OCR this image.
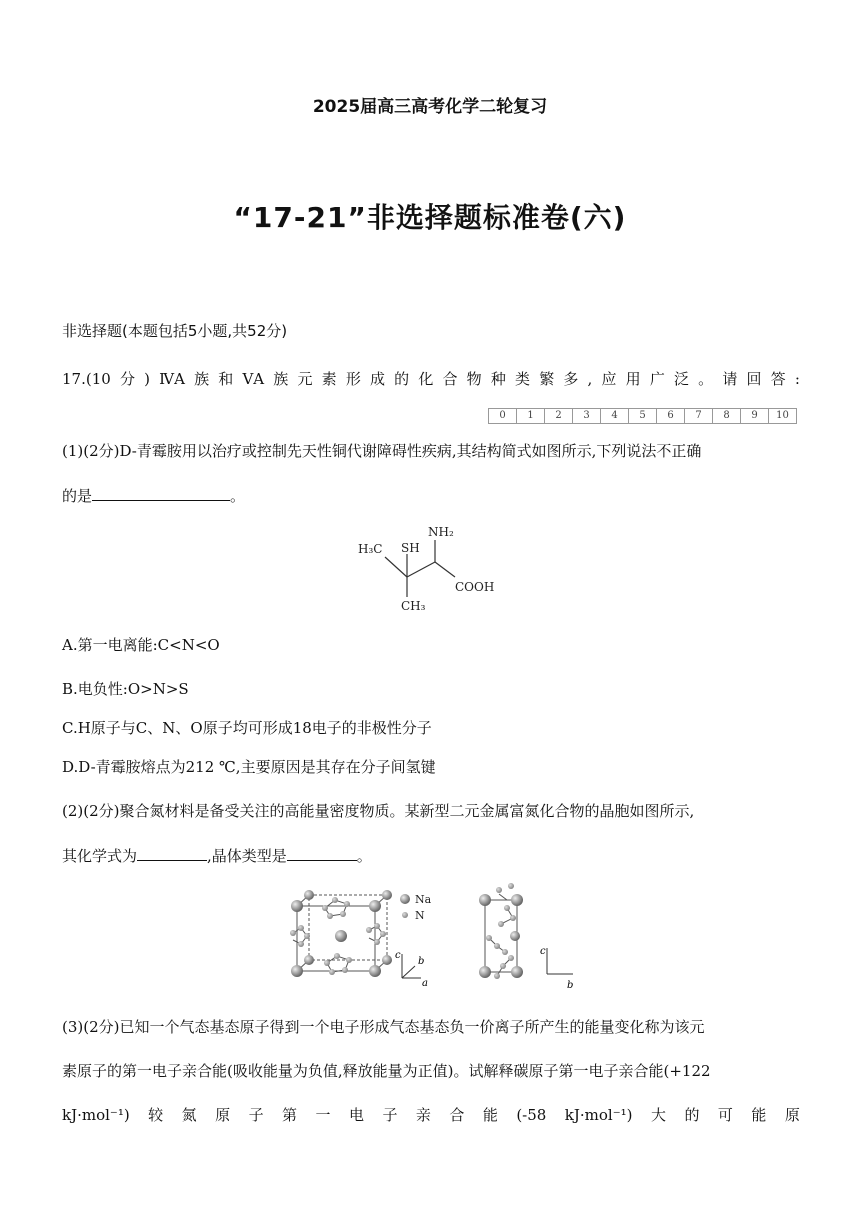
2025届高三高考化学二轮复习
“17-21”非选择题标准卷(六)
非选择题(本题包括5小题,共52分)
17.(10 分 ) ⅣA 族 和 ⅤA 族 元 素 形 成 的 化 合 物 种 类 繁 多 , 应 用 广 泛 。 请 回 答 :
0	1	2	3	4	5	6	7	8	9	10
(1)(2分)D-青霉胺用以治疗或控制先天性铜代谢障碍性疾病,其结构简式如图所示,下列说法不正确
的是	。
H₃C SH
NH₂
COOH
CH₃
A.第一电离能:C<N<O
B.电负性:O>N>S
C.H原子与C、N、O原子均可形成18电子的非极性分子
D.D-青霉胺熔点为212 ℃,主要原因是其存在分子间氢键
(2)(2分)聚合氮材料是备受关注的高能量密度物质。某新型二元金属富氮化合物的晶胞如图所示,
其化学式为	,晶体类型是	。
Na
N
c
b
a
c
b
(3)(2分)已知一个气态基态原子得到一个电子形成气态基态负一价离子所产生的能量变化称为该元
素原子的第一电子亲合能(吸收能量为负值,释放能量为正值)。试解释碳原子第一电子亲合能(+122
kJ·mol⁻¹) 较 氮 原 子 第 一 电 子 亲 合 能 (-58 kJ·mol⁻¹) 大 的 可 能 原
